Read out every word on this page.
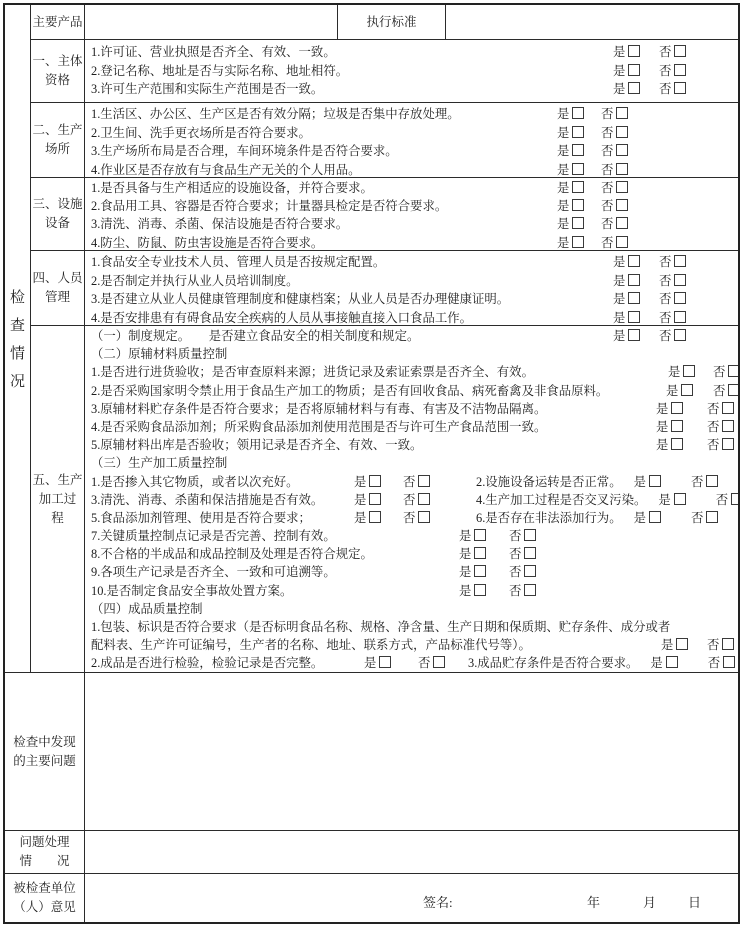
主要产品	执行标准
检
查
情
况
一、主体
资格
1.许可证、营业执照是否齐全、有效、一致。	是	否
2.登记名称、地址是否与实际名称、地址相符。	是	否
3.许可生产范围和实际生产范围是否一致。	是	否
二、生产
场所
1.生活区、办公区、生产区是否有效分隔；垃圾是否集中存放处理。	是	否
2.卫生间、洗手更衣场所是否符合要求。	是	否
3.生产场所布局是否合理，车间环境条件是否符合要求。	是	否
4.作业区是否存放有与食品生产无关的个人用品。	是	否
三、设施
设备
1.是否具备与生产相适应的设施设备，并符合要求。	是	否
2.食品用工具、容器是否符合要求；计量器具检定是否符合要求。	是	否
3.清洗、消毒、杀菌、保洁设施是否符合要求。	是	否
4.防尘、防鼠、防虫害设施是否符合要求。	是	否
四、人员
管理
1.食品安全专业技术人员、管理人员是否按规定配置。	是	否
2.是否制定并执行从业人员培训制度。	是	否
3.是否建立从业人员健康管理制度和健康档案；从业人员是否办理健康证明。	是	否
4.是否安排患有有碍食品安全疾病的人员从事接触直接入口食品工作。	是	否
五、生产
加工过
程
（一）制度规定。　　是否建立食品安全的相关制度和规定。	是	否
（二）原辅材料质量控制
1.是否进行进货验收；是否审查原料来源；进货记录及索证索票是否齐全、有效。	是	否
2.是否采购国家明令禁止用于食品生产加工的物质；是否有回收食品、病死畜禽及非食品原料。	是	否
3.原辅材料贮存条件是否符合要求；是否将原辅材料与有毒、有害及不洁物品隔离。	是	否
4.是否采购食品添加剂；所采购食品添加剂使用范围是否与许可生产食品范围一致。	是	否
5.原辅材料出库是否验收；领用记录是否齐全、有效、一致。	是	否
（三）生产加工质量控制
1.是否掺入其它物质，或者以次充好。	是	否	2.设施设备运转是否正常。 是	否
3.清洗、消毒、杀菌和保洁措施是否有效。 是	否	4.生产加工过程是否交叉污染。 是	否
5.食品添加剂管理、使用是否符合要求；	是	否	6.是否存在非法添加行为。 是	否
7.关键质量控制点记录是否完善、控制有效。	是	否
8.不合格的半成品和成品控制及处理是否符合规定。	是	否
9.各项生产记录是否齐全、一致和可追溯等。	是	否
10.是否制定食品安全事故处置方案。	是	否
（四）成品质量控制
1.包装、标识是否符合要求（是否标明食品名称、规格、净含量、生产日期和保质期、贮存条件、成分或者
配料表、生产许可证编号，生产者的名称、地址、联系方式，产品标准代号等）。	是	否
2.成品是否进行检验，检验记录是否完整。	是	否	3.成品贮存条件是否符合要求。 是	否
检查中发现
的主要问题
问题处理
情　　况
被检查单位
（人）意见	签名:	年	月 日
